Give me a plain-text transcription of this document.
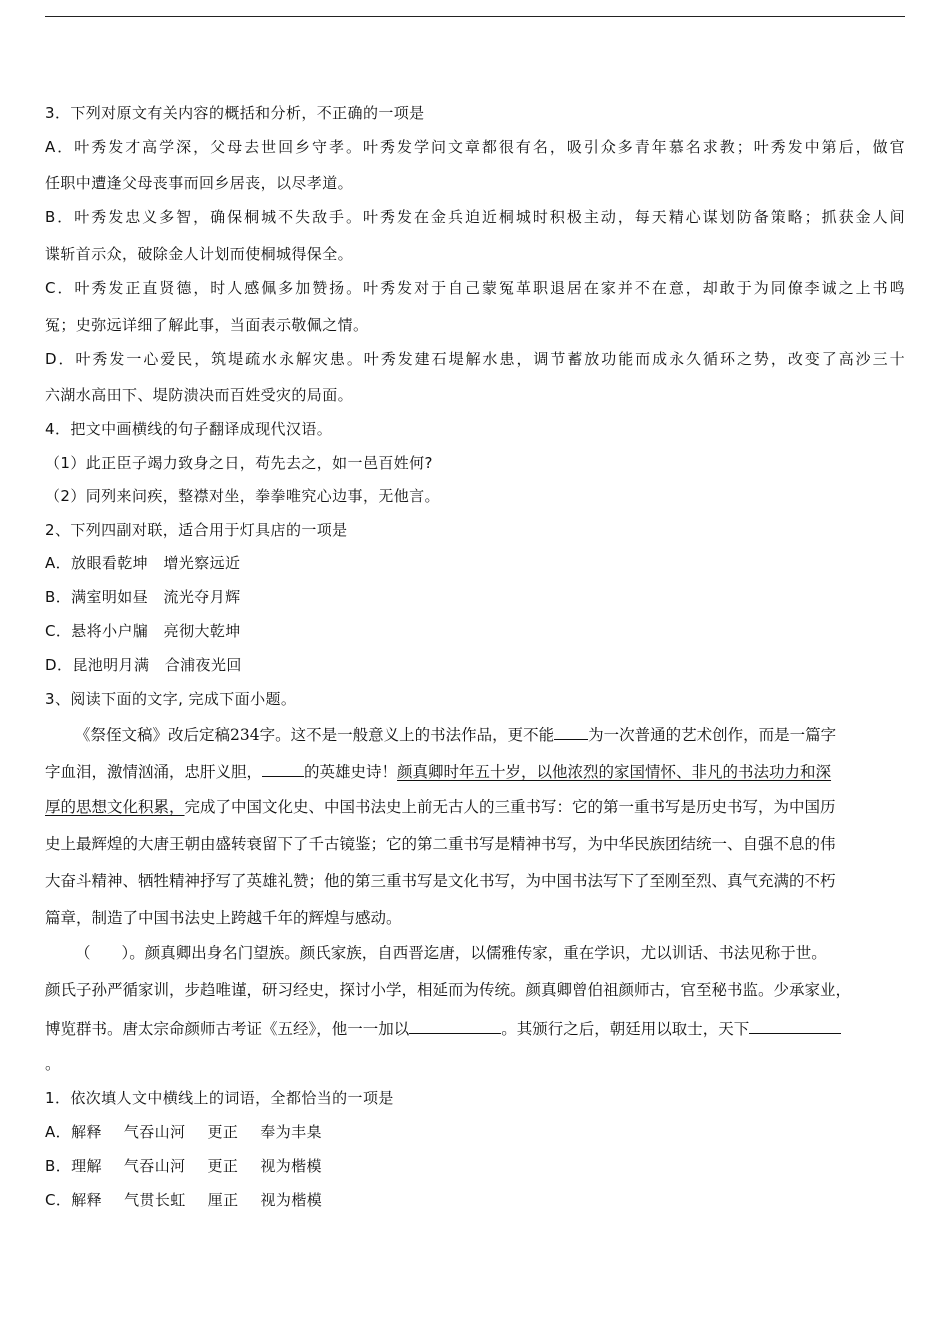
3．下列对原文有关内容的概括和分析，不正确的一项是
A．叶秀发才高学深，父母去世回乡守孝。叶秀发学问文章都很有名，吸引众多青年慕名求教；叶秀发中第后，做官
任职中遭逢父母丧事而回乡居丧，以尽孝道。
B．叶秀发忠义多智，确保桐城不失敌手。叶秀发在金兵迫近桐城时积极主动，每天精心谋划防备策略；抓获金人间
谍斩首示众，破除金人计划而使桐城得保全。
C．叶秀发正直贤德，时人感佩多加赞扬。叶秀发对于自己蒙冤革职退居在家并不在意，却敢于为同僚李诚之上书鸣
冤；史弥远详细了解此事，当面表示敬佩之情。
D．叶秀发一心爱民，筑堤疏水永解灾患。叶秀发建石堤解水患，调节蓄放功能而成永久循环之势，改变了高沙三十
六湖水高田下、堤防溃决而百姓受灾的局面。
4．把文中画横线的句子翻译成现代汉语。
（1）此正臣子竭力致身之日，苟先去之，如一邑百姓何?
（2）同列来问疾，整襟对坐，拳拳唯究心边事，无他言。
2、下列四副对联，适合用于灯具店的一项是
A．放眼看乾坤　增光察远近
B．满室明如昼　流光夺月辉
C．悬将小户牖　亮彻大乾坤
D．昆池明月满　合浦夜光回
3、阅读下面的文字, 完成下面小题。
《祭侄文稿》改后定稿234字。这不是一般意义上的书法作品，更不能 为一次普通的艺术创作，而是一篇字
字血泪，激情汹涌，忠肝义胆，	的英雄史诗！颜真卿时年五十岁，以他浓烈的家国情怀、非凡的书法功力和深
厚的思想文化积累，完成了中国文化史、中国书法史上前无古人的三重书写：它的第一重书写是历史书写，为中国历
史上最辉煌的大唐王朝由盛转衰留下了千古镜鉴；它的第二重书写是精神书写，为中华民族团结统一、自强不息的伟
大奋斗精神、牺牲精神抒写了英雄礼赞；他的第三重书写是文化书写，为中国书法写下了至刚至烈、真气充满的不朽
篇章，制造了中国书法史上跨越千年的辉煌与感动。
（　　）。颜真卿出身名门望族。颜氏家族，自西晋迄唐，以儒雅传家，重在学识，尤以训话、书法见称于世。
颜氏子孙严循家训，步趋唯谨，研习经史，探讨小学，相延而为传统。颜真卿曾伯祖颜师古，官至秘书监。少承家业，
博览群书。唐太宗命颜师古考证《五经》，他一一加以	。其颁行之后，朝廷用以取士，天下
。
1．依次填人文中横线上的词语，全都恰当的一项是
A．解释 气吞山河 更正 奉为丰臬
B．理解 气吞山河 更正 视为楷模
C．解释 气贯长虹 厘正 视为楷模
